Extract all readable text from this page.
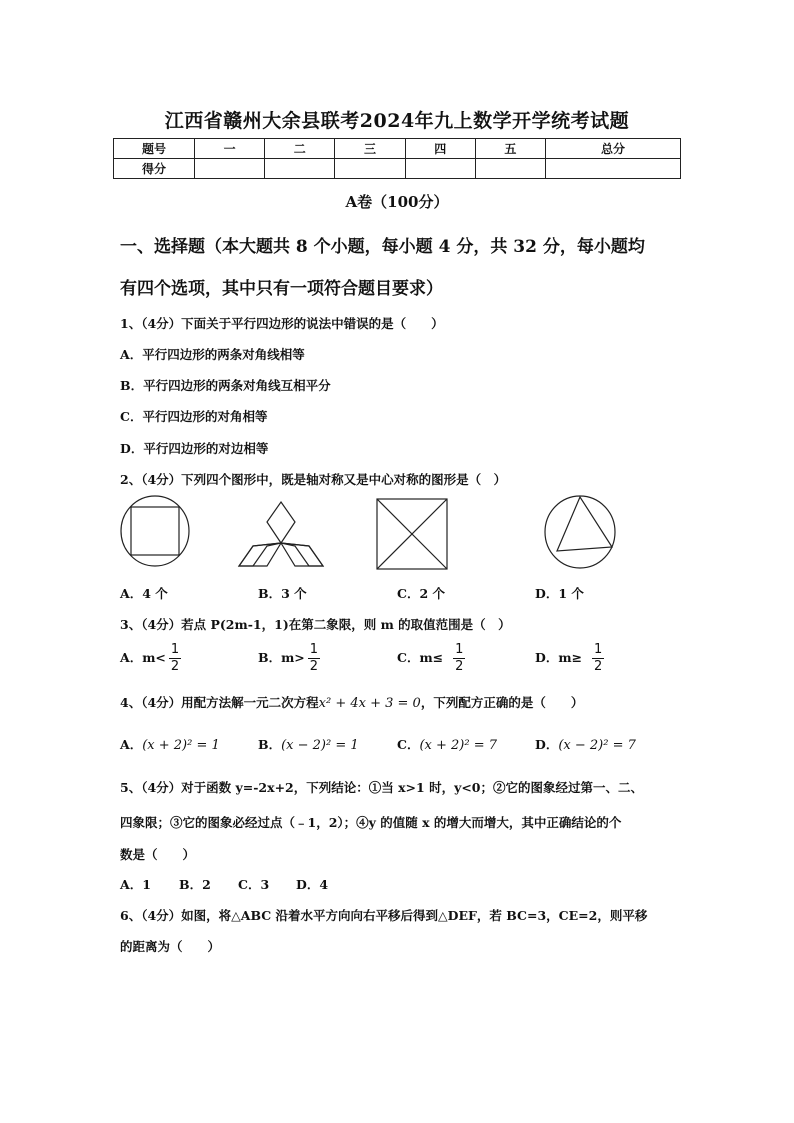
江西省赣州大余县联考2024年九上数学开学统考试题
题号	一	二	三	四	五	总分
得分						
A卷（100分）
一、选择题（本大题共 8 个小题，每小题 4 分，共 32 分，每小题均
有四个选项，其中只有一项符合题目要求）
1、（4分）下面关于平行四边形的说法中错误的是（　　）
A．平行四边形的两条对角线相等
B．平行四边形的两条对角线互相平分
C．平行四边形的对角相等
D．平行四边形的对边相等
2、（4分）下列四个图形中，既是轴对称又是中心对称的图形是（　）
A．4 个	B．3 个	C．2 个	D．1 个
3、（4分）若点 P(2m-1，1)在第二象限，则 m 的取值范围是（　）
A．$m< \frac{1}{2}$	B．$m> \frac{1}{2}$	C．$m\le \frac{1}{2}$	D．$m\ge \frac{1}{2}$
4、（4分）用配方法解一元二次方程x² + 4x + 3 = 0，下列配方正确的是（　　）
A．(x + 2)² = 1	B．(x − 2)² = 1	C．(x + 2)² = 7	D．(x − 2)² = 7
5、（4分）对于函数 y=-2x+2，下列结论：①当 x>1 时，y<0；②它的图象经过第一、二、
四象限；③它的图象必经过点（﹣1，2）；④y 的值随 x 的增大而增大，其中正确结论的个
数是（　　）
A．1 B．2 C．3 D．4
6、（4分）如图，将△ABC 沿着水平方向向右平移后得到△DEF，若 BC=3，CE=2，则平移
的距离为（　　）
